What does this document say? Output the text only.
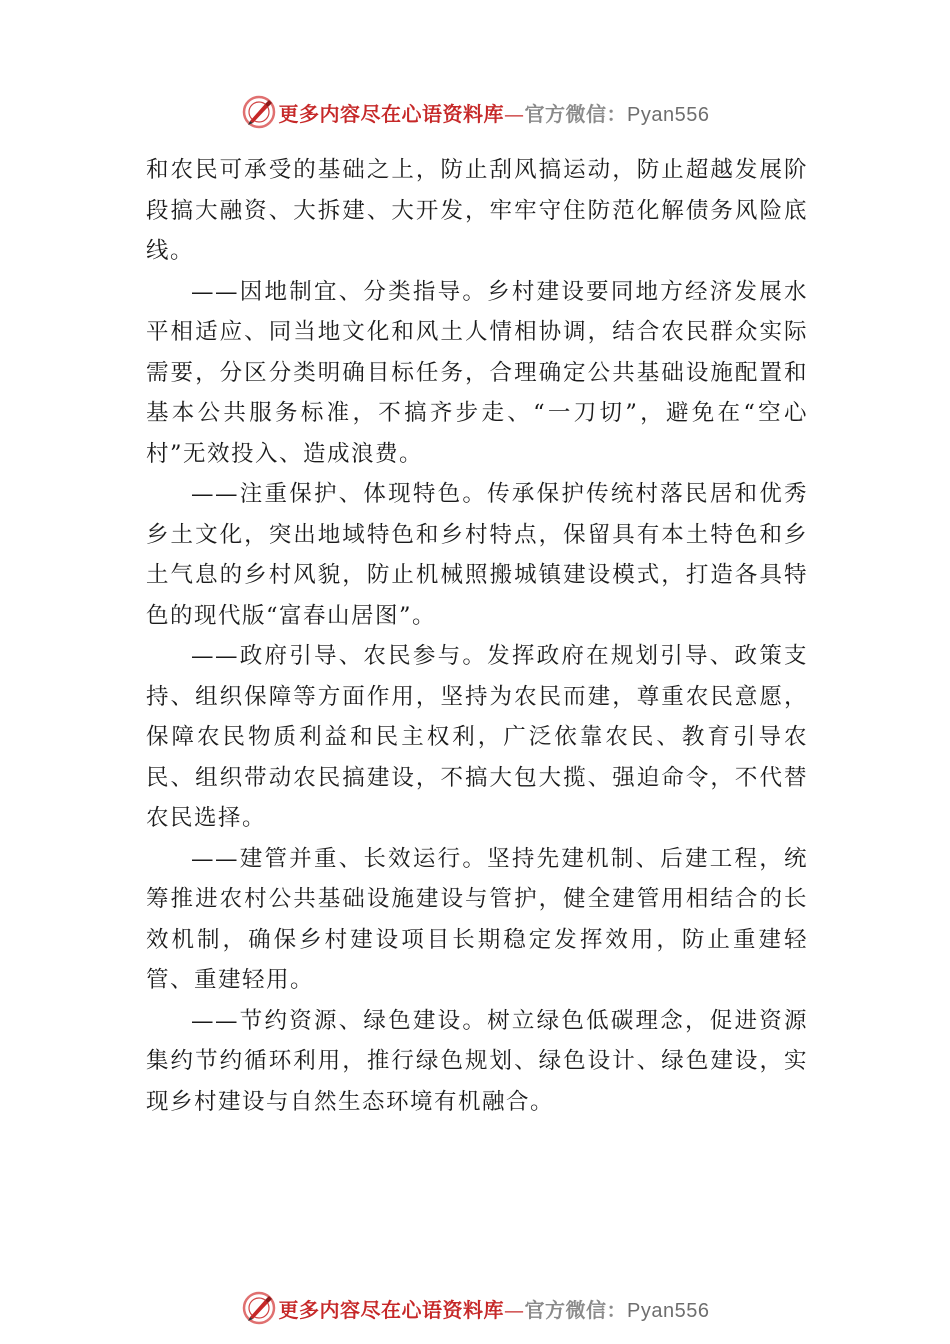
更多内容尽在心语资料库—官方微信：Pyan556

和农民可承受的基础之上，防止刮风搞运动，防止超越发展阶段搞大融资、大拆建、大开发，牢牢守住防范化解债务风险底线。

——因地制宜、分类指导。乡村建设要同地方经济发展水平相适应、同当地文化和风土人情相协调，结合农民群众实际需要，分区分类明确目标任务，合理确定公共基础设施配置和基本公共服务标准，不搞齐步走、“一刀切”，避免在“空心村”无效投入、造成浪费。

——注重保护、体现特色。传承保护传统村落民居和优秀乡土文化，突出地域特色和乡村特点，保留具有本土特色和乡土气息的乡村风貌，防止机械照搬城镇建设模式，打造各具特色的现代版“富春山居图”。

——政府引导、农民参与。发挥政府在规划引导、政策支持、组织保障等方面作用，坚持为农民而建，尊重农民意愿，保障农民物质利益和民主权利，广泛依靠农民、教育引导农民、组织带动农民搞建设，不搞大包大揽、强迫命令，不代替农民选择。

——建管并重、长效运行。坚持先建机制、后建工程，统筹推进农村公共基础设施建设与管护，健全建管用相结合的长效机制，确保乡村建设项目长期稳定发挥效用，防止重建轻管、重建轻用。

——节约资源、绿色建设。树立绿色低碳理念，促进资源集约节约循环利用，推行绿色规划、绿色设计、绿色建设，实现乡村建设与自然生态环境有机融合。

更多内容尽在心语资料库—官方微信：Pyan556
